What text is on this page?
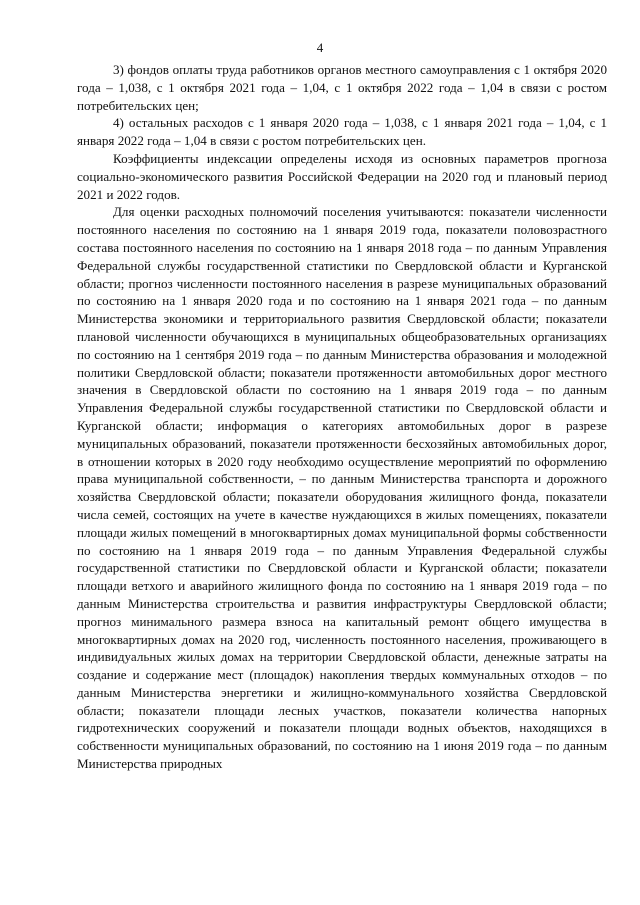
4

3) фондов оплаты труда работников органов местного самоуправления с 1 октября 2020 года – 1,038, с 1 октября 2021 года – 1,04, с 1 октября 2022 года – 1,04 в связи с ростом потребительских цен;

4) остальных расходов с 1 января 2020 года – 1,038, с 1 января 2021 года – 1,04, с 1 января 2022 года – 1,04 в связи с ростом потребительских цен.

Коэффициенты индексации определены исходя из основных параметров прогноза социально-экономического развития Российской Федерации на 2020 год и плановый период 2021 и 2022 годов.

Для оценки расходных полномочий поселения учитываются: показатели численности постоянного населения по состоянию на 1 января 2019 года, показатели половозрастного состава постоянного населения по состоянию на 1 января 2018 года – по данным Управления Федеральной службы государственной статистики по Свердловской области и Курганской области; прогноз численности постоянного населения в разрезе муниципальных образований по состоянию на 1 января 2020 года и по состоянию на 1 января 2021 года – по данным Министерства экономики и территориального развития Свердловской области; показатели плановой численности обучающихся в муниципальных общеобразовательных организациях по состоянию на 1 сентября 2019 года – по данным Министерства образования и молодежной политики Свердловской области; показатели протяженности автомобильных дорог местного значения в Свердловской области по состоянию на 1 января 2019 года – по данным Управления Федеральной службы государственной статистики по Свердловской области и Курганской области; информация о категориях автомобильных дорог в разрезе муниципальных образований, показатели протяженности бесхозяйных автомобильных дорог, в отношении которых в 2020 году необходимо осуществление мероприятий по оформлению права муниципальной собственности, – по данным Министерства транспорта и дорожного хозяйства Свердловской области; показатели оборудования жилищного фонда, показатели числа семей, состоящих на учете в качестве нуждающихся в жилых помещениях, показатели площади жилых помещений в многоквартирных домах муниципальной формы собственности по состоянию на 1 января 2019 года – по данным Управления Федеральной службы государственной статистики по Свердловской области и Курганской области; показатели площади ветхого и аварийного жилищного фонда по состоянию на 1 января 2019 года – по данным Министерства строительства и развития инфраструктуры Свердловской области; прогноз минимального размера взноса на капитальный ремонт общего имущества в многоквартирных домах на 2020 год, численность постоянного населения, проживающего в индивидуальных жилых домах на территории Свердловской области, денежные затраты на создание и содержание мест (площадок) накопления твердых коммунальных отходов – по данным Министерства энергетики и жилищно-коммунального хозяйства Свердловской области; показатели площади лесных участков, показатели количества напорных гидротехнических сооружений и показатели площади водных объектов, находящихся в собственности муниципальных образований, по состоянию на 1 июня 2019 года – по данным Министерства природных
